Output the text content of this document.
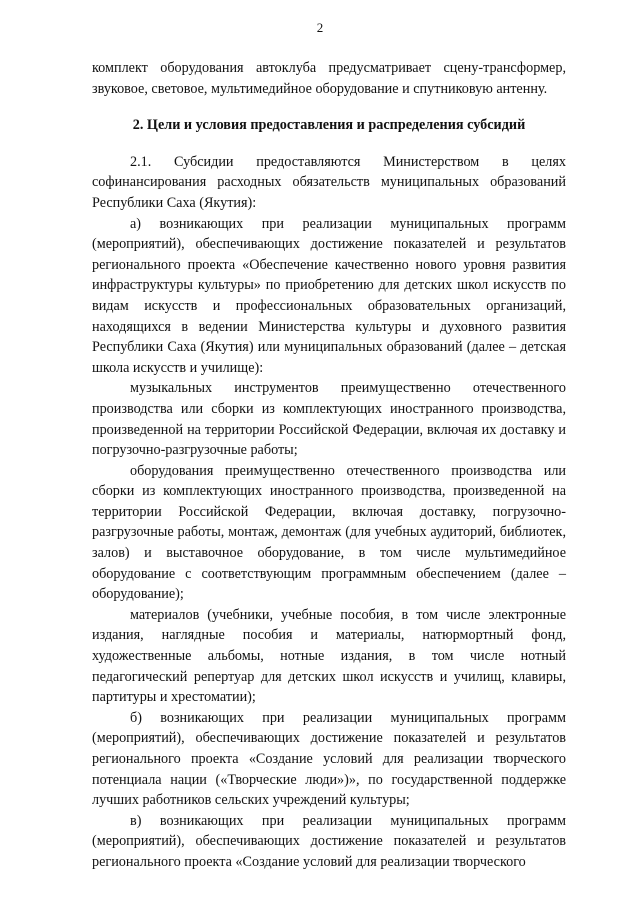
2

комплект оборудования автоклуба предусматривает сцену-трансформер, звуковое, световое, мультимедийное оборудование и спутниковую антенну.

2. Цели и условия предоставления и распределения субсидий

2.1. Субсидии предоставляются Министерством в целях софинансирования расходных обязательств муниципальных образований Республики Саха (Якутия):

а) возникающих при реализации муниципальных программ (мероприятий), обеспечивающих достижение показателей и результатов регионального проекта «Обеспечение качественно нового уровня развития инфраструктуры культуры» по приобретению для детских школ искусств по видам искусств и профессиональных образовательных организаций, находящихся в ведении Министерства культуры и духовного развития Республики Саха (Якутия) или муниципальных образований (далее – детская школа искусств и училище):

музыкальных инструментов преимущественно отечественного производства или сборки из комплектующих иностранного производства, произведенной на территории Российской Федерации, включая их доставку и погрузочно-разгрузочные работы;

оборудования преимущественно отечественного производства или сборки из комплектующих иностранного производства, произведенной на территории Российской Федерации, включая доставку, погрузочно-разгрузочные работы, монтаж, демонтаж (для учебных аудиторий, библиотек, залов) и выставочное оборудование, в том числе мультимедийное оборудование с соответствующим программным обеспечением (далее – оборудование);

материалов (учебники, учебные пособия, в том числе электронные издания, наглядные пособия и материалы, натюрмортный фонд, художественные альбомы, нотные издания, в том числе нотный педагогический репертуар для детских школ искусств и училищ, клавиры, партитуры и хрестоматии);

б) возникающих при реализации муниципальных программ (мероприятий), обеспечивающих достижение показателей и результатов регионального проекта «Создание условий для реализации творческого потенциала нации («Творческие люди»)», по государственной поддержке лучших работников сельских учреждений культуры;

в) возникающих при реализации муниципальных программ (мероприятий), обеспечивающих достижение показателей и результатов регионального проекта «Создание условий для реализации творческого
